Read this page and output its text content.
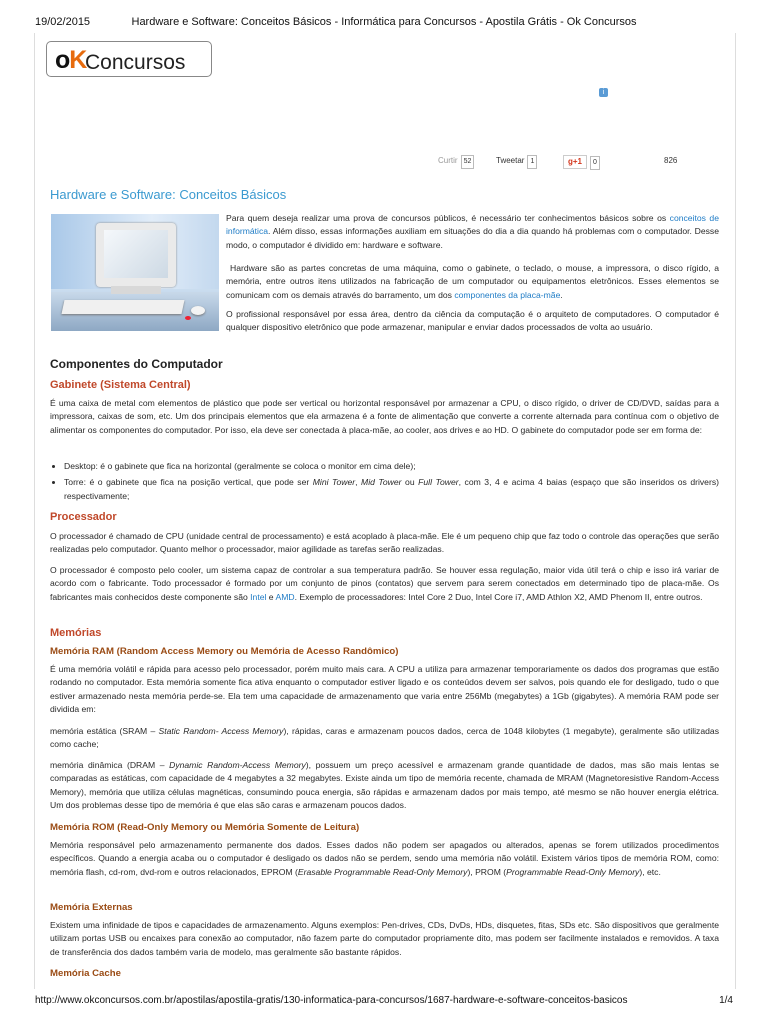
19/02/2015	Hardware e Software: Conceitos Básicos - Informática para Concursos - Apostila Grátis - Ok Concursos
oK
Concursos
i
Curtir 52	Tweetar 1	g+1 0	826
Hardware e Software: Conceitos Básicos

Para quem deseja realizar uma prova de concursos públicos, é necessário ter conhecimentos básicos sobre os conceitos de informática. Além disso, essas informações auxiliam em situações do dia a dia quando há problemas com o computador. Desse modo, o computador é dividido em: hardware e software.

Hardware são as partes concretas de uma máquina, como o gabinete, o teclado, o mouse, a impressora, o disco rígido, a memória, entre outros itens utilizados na fabricação de um computador ou equipamentos eletrônicos. Esses elementos se comunicam com os demais através do barramento, um dos componentes da placa-mãe.

O profissional responsável por essa área, dentro da ciência da computação é o arquiteto de computadores. O computador é qualquer dispositivo eletrônico que pode armazenar, manipular e enviar dados processados de volta ao usuário.

Componentes do Computador
Gabinete (Sistema Central)

É uma caixa de metal com elementos de plástico que pode ser vertical ou horizontal responsável por armazenar a CPU, o disco rígido, o driver de CD/DVD, saídas para a impressora, caixas de som, etc. Um dos principais elementos que ela armazena é a fonte de alimentação que converte a corrente alternada para contínua com o objetivo de alimentar os componentes do computador. Por isso, ela deve ser conectada à placa-mãe, ao cooler, aos drives e ao HD. O gabinete do computador pode ser em forma de:

• Desktop: é o gabinete que fica na horizontal (geralmente se coloca o monitor em cima dele);
• Torre: é o gabinete que fica na posição vertical, que pode ser Mini Tower, Mid Tower ou Full Tower, com 3, 4 e acima 4 baias (espaço que são inseridos os drivers) respectivamente;
Processador

O processador é chamado de CPU (unidade central de processamento) e está acoplado à placa-mãe. Ele é um pequeno chip que faz todo o controle das operações que serão realizadas pelo computador. Quanto melhor o processador, maior agilidade as tarefas serão realizadas.

O processador é composto pelo cooler, um sistema capaz de controlar a sua temperatura padrão. Se houver essa regulação, maior vida útil terá o chip e isso irá variar de acordo com o fabricante. Todo processador é formado por um conjunto de pinos (contatos) que servem para serem conectados em determinado tipo de placa-mãe. Os fabricantes mais conhecidos deste componente são Intel e AMD. Exemplo de processadores: Intel Core 2 Duo, Intel Core i7, AMD Athlon X2, AMD Phenom II, entre outros.

Memórias
Memória RAM (Random Access Memory ou Memória de Acesso Randômico)

É uma memória volátil e rápida para acesso pelo processador, porém muito mais cara. A CPU a utiliza para armazenar temporariamente os dados dos programas que estão rodando no computador. Esta memória somente fica ativa enquanto o computador estiver ligado e os conteúdos devem ser salvos, pois quando ele for desligado, tudo o que estiver armazenado nesta memória perde-se. Ela tem uma capacidade de armazenamento que varia entre 256Mb (megabytes) a 1Gb (gigabytes). A memória RAM pode ser dividida em:

memória estática (SRAM – Static Random- Access Memory), rápidas, caras e armazenam poucos dados, cerca de 1048 kilobytes (1 megabyte), geralmente são utilizadas como cache;

memória dinâmica (DRAM – Dynamic Random-Access Memory), possuem um preço acessível e armazenam grande quantidade de dados, mas são mais lentas se comparadas as estáticas, com capacidade de 4 megabytes a 32 megabytes. Existe ainda um tipo de memória recente, chamada de MRAM (Magnetoresistive Random-Access Memory), memória que utiliza células magnéticas, consumindo pouca energia, são rápidas e armazenam dados por mais tempo, até mesmo se não houver energia elétrica. Um dos problemas desse tipo de memória é que elas são caras e armazenam poucos dados.

Memória ROM (Read-Only Memory ou Memória Somente de Leitura)

Memória responsável pelo armazenamento permanente dos dados. Esses dados não podem ser apagados ou alterados, apenas se forem utilizados procedimentos específicos. Quando a energia acaba ou o computador é desligado os dados não se perdem, sendo uma memória não volátil. Existem vários tipos de memória ROM, como: memória flash, cd-rom, dvd-rom e outros relacionados, EPROM (Erasable Programmable Read-Only Memory), PROM (Programmable Read-Only Memory), etc.

Memória Externas

Existem uma infinidade de tipos e capacidades de armazenamento. Alguns exemplos: Pen-drives, CDs, DvDs, HDs, disquetes, fitas, SDs etc. São dispositivos que geralmente utilizam portas USB ou encaixes para conexão ao computador, não fazem parte do computador propriamente dito, mas podem ser facilmente instalados e removidos. A taxa de transferência dos dados também varia de modelo, mas geralmente são bastante rápidos.

Memória Cache
http://www.okconcursos.com.br/apostilas/apostila-gratis/130-informatica-para-concursos/1687-hardware-e-software-conceitos-basicos	1/4
